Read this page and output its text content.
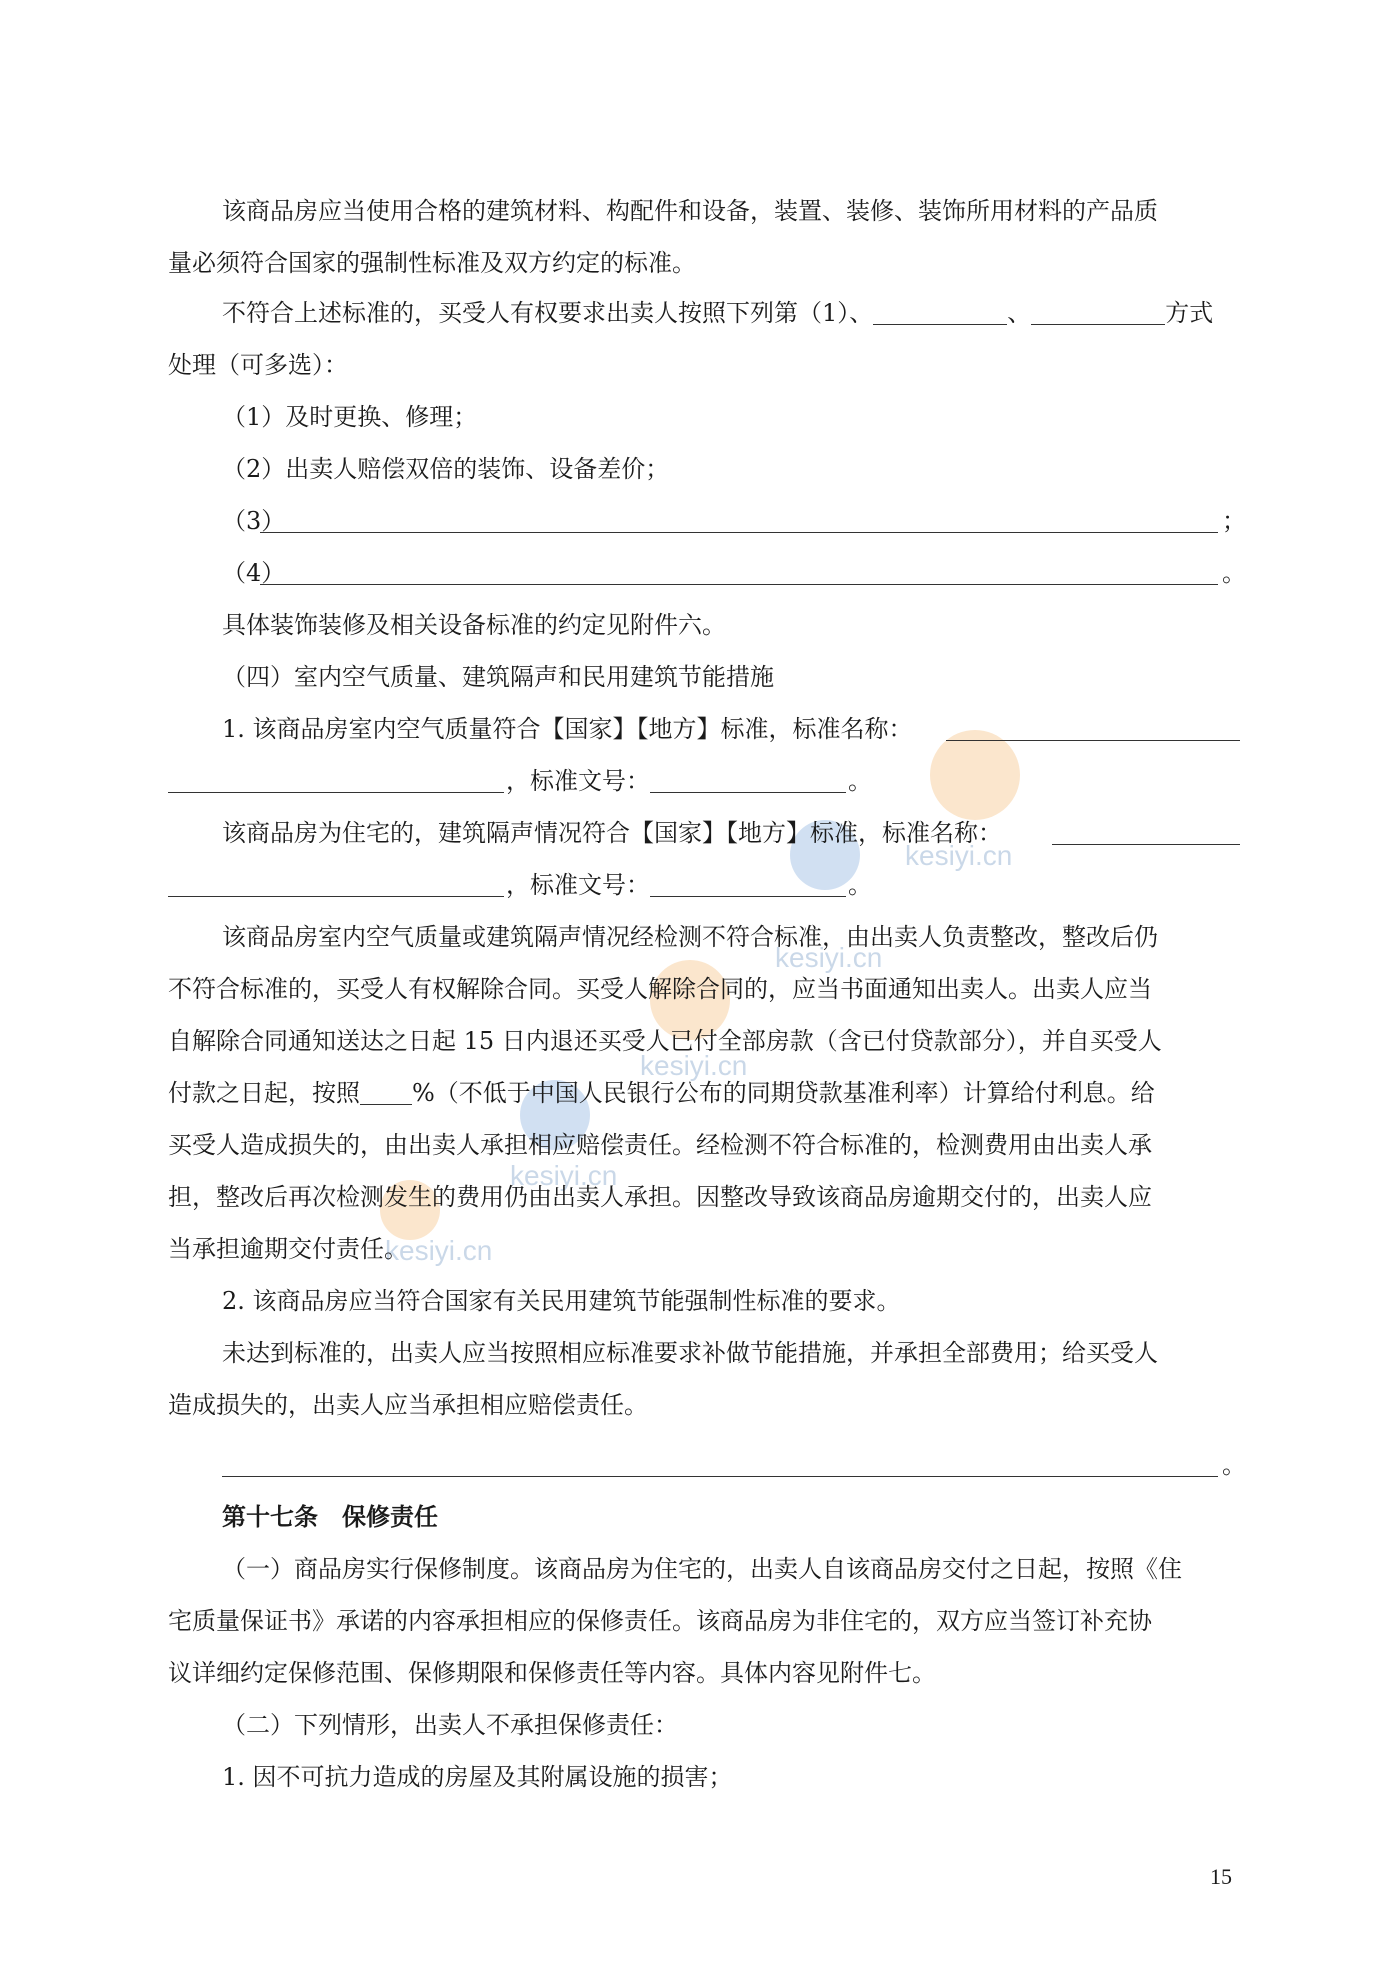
kesiyi.cn
kesiyi.cn
kesiyi.cn
kesiyi.cn
kesiyi.cn
该商品房应当使用合格的建筑材料、构配件和设备，装置、装修、装饰所用材料的产品质
量必须符合国家的强制性标准及双方约定的标准。
不符合上述标准的，买受人有权要求出卖人按照下列第（1）、	、	方式
处理（可多选）：
（1）及时更换、修理；
（2）出卖人赔偿双倍的装饰、设备差价；
（3）	；
（4）	。
具体装饰装修及相关设备标准的约定见附件六。
（四）室内空气质量、建筑隔声和民用建筑节能措施
1. 该商品房室内空气质量符合【国家】【地方】标准，标准名称：
，标准文号：	。
该商品房为住宅的，建筑隔声情况符合【国家】【地方】标准，标准名称：
，标准文号：	。
该商品房室内空气质量或建筑隔声情况经检测不符合标准，由出卖人负责整改，整改后仍
不符合标准的，买受人有权解除合同。买受人解除合同的，应当书面通知出卖人。出卖人应当
自解除合同通知送达之日起 15 日内退还买受人已付全部房款（含已付贷款部分），并自买受人
付款之日起，按照 %（不低于中国人民银行公布的同期贷款基准利率）计算给付利息。给
买受人造成损失的，由出卖人承担相应赔偿责任。经检测不符合标准的，检测费用由出卖人承
担，整改后再次检测发生的费用仍由出卖人承担。因整改导致该商品房逾期交付的，出卖人应
当承担逾期交付责任。
2. 该商品房应当符合国家有关民用建筑节能强制性标准的要求。
未达到标准的，出卖人应当按照相应标准要求补做节能措施，并承担全部费用；给买受人
造成损失的，出卖人应当承担相应赔偿责任。
。
第十七条　保修责任
（一）商品房实行保修制度。该商品房为住宅的，出卖人自该商品房交付之日起，按照《住
宅质量保证书》承诺的内容承担相应的保修责任。该商品房为非住宅的，双方应当签订补充协
议详细约定保修范围、保修期限和保修责任等内容。具体内容见附件七。
（二）下列情形，出卖人不承担保修责任：
1. 因不可抗力造成的房屋及其附属设施的损害；
15
